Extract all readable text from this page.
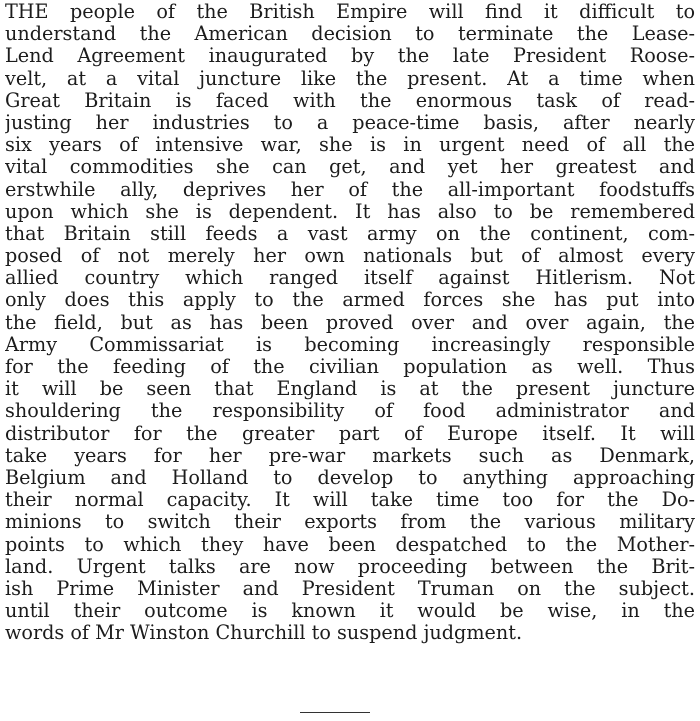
THE people of the British Empire will find it difficult to
understand the American decision to terminate the Lease-
Lend Agreement inaugurated by the late President Roose-
velt, at a vital juncture like the present. At a time when
Great Britain is faced with the enormous task of read-
justing her industries to a peace-time basis, after nearly
six years of intensive war, she is in urgent need of all the
vital commodities she can get, and yet her greatest and
erstwhile ally, deprives her of the all-important foodstuffs
upon which she is dependent. It has also to be remembered
that Britain still feeds a vast army on the continent, com-
posed of not merely her own nationals but of almost every
allied country which ranged itself against Hitlerism. Not
only does this apply to the armed forces she has put into
the field, but as has been proved over and over again, the
Army Commissariat is becoming increasingly responsible
for the feeding of the civilian population as well. Thus
it will be seen that England is at the present juncture
shouldering the responsibility of food administrator and
distributor for the greater part of Europe itself. It will
take years for her pre-war markets such as Denmark,
Belgium and Holland to develop to anything approaching
their normal capacity. It will take time too for the Do-
minions to switch their exports from the various military
points to which they have been despatched to the Mother-
land. Urgent talks are now proceeding between the Brit-
ish Prime Minister and President Truman on the subject.
until their outcome is known it would be wise, in the
words of Mr Winston Churchill to suspend judgment.
